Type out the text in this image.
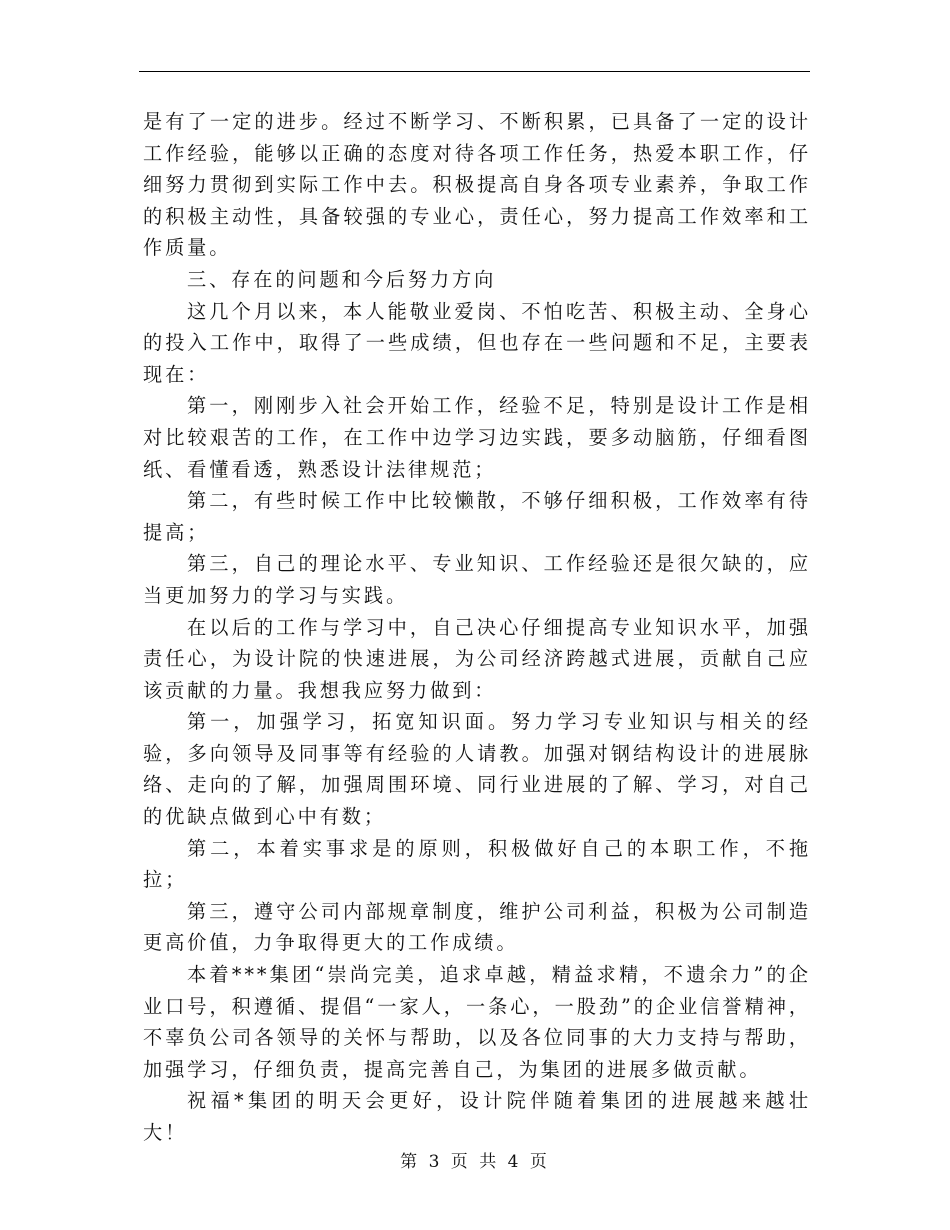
是有了一定的进步。经过不断学习、不断积累，已具备了一定的设计工作经验，能够以正确的态度对待各项工作任务，热爱本职工作，仔细努力贯彻到实际工作中去。积极提高自身各项专业素养，争取工作的积极主动性，具备较强的专业心，责任心，努力提高工作效率和工作质量。

三、存在的问题和今后努力方向

这几个月以来，本人能敬业爱岗、不怕吃苦、积极主动、全身心的投入工作中，取得了一些成绩，但也存在一些问题和不足，主要表现在：

第一，刚刚步入社会开始工作，经验不足，特别是设计工作是相对比较艰苦的工作，在工作中边学习边实践，要多动脑筋，仔细看图纸、看懂看透，熟悉设计法律规范；

第二，有些时候工作中比较懒散，不够仔细积极，工作效率有待提高；

第三，自己的理论水平、专业知识、工作经验还是很欠缺的，应当更加努力的学习与实践。

在以后的工作与学习中，自己决心仔细提高专业知识水平，加强责任心，为设计院的快速进展，为公司经济跨越式进展，贡献自己应该贡献的力量。我想我应努力做到：

第一，加强学习，拓宽知识面。努力学习专业知识与相关的经验，多向领导及同事等有经验的人请教。加强对钢结构设计的进展脉络、走向的了解，加强周围环境、同行业进展的了解、学习，对自己的优缺点做到心中有数；

第二，本着实事求是的原则，积极做好自己的本职工作，不拖拉；

第三，遵守公司内部规章制度，维护公司利益，积极为公司制造更高价值，力争取得更大的工作成绩。

本着***集团“崇尚完美，追求卓越，精益求精，不遗余力”的企业口号，积遵循、提倡“一家人，一条心，一股劲”的企业信誉精神，不辜负公司各领导的关怀与帮助，以及各位同事的大力支持与帮助，加强学习，仔细负责，提高完善自己，为集团的进展多做贡献。

祝福*集团的明天会更好，设计院伴随着集团的进展越来越壮大！

第 3 页 共 4 页
